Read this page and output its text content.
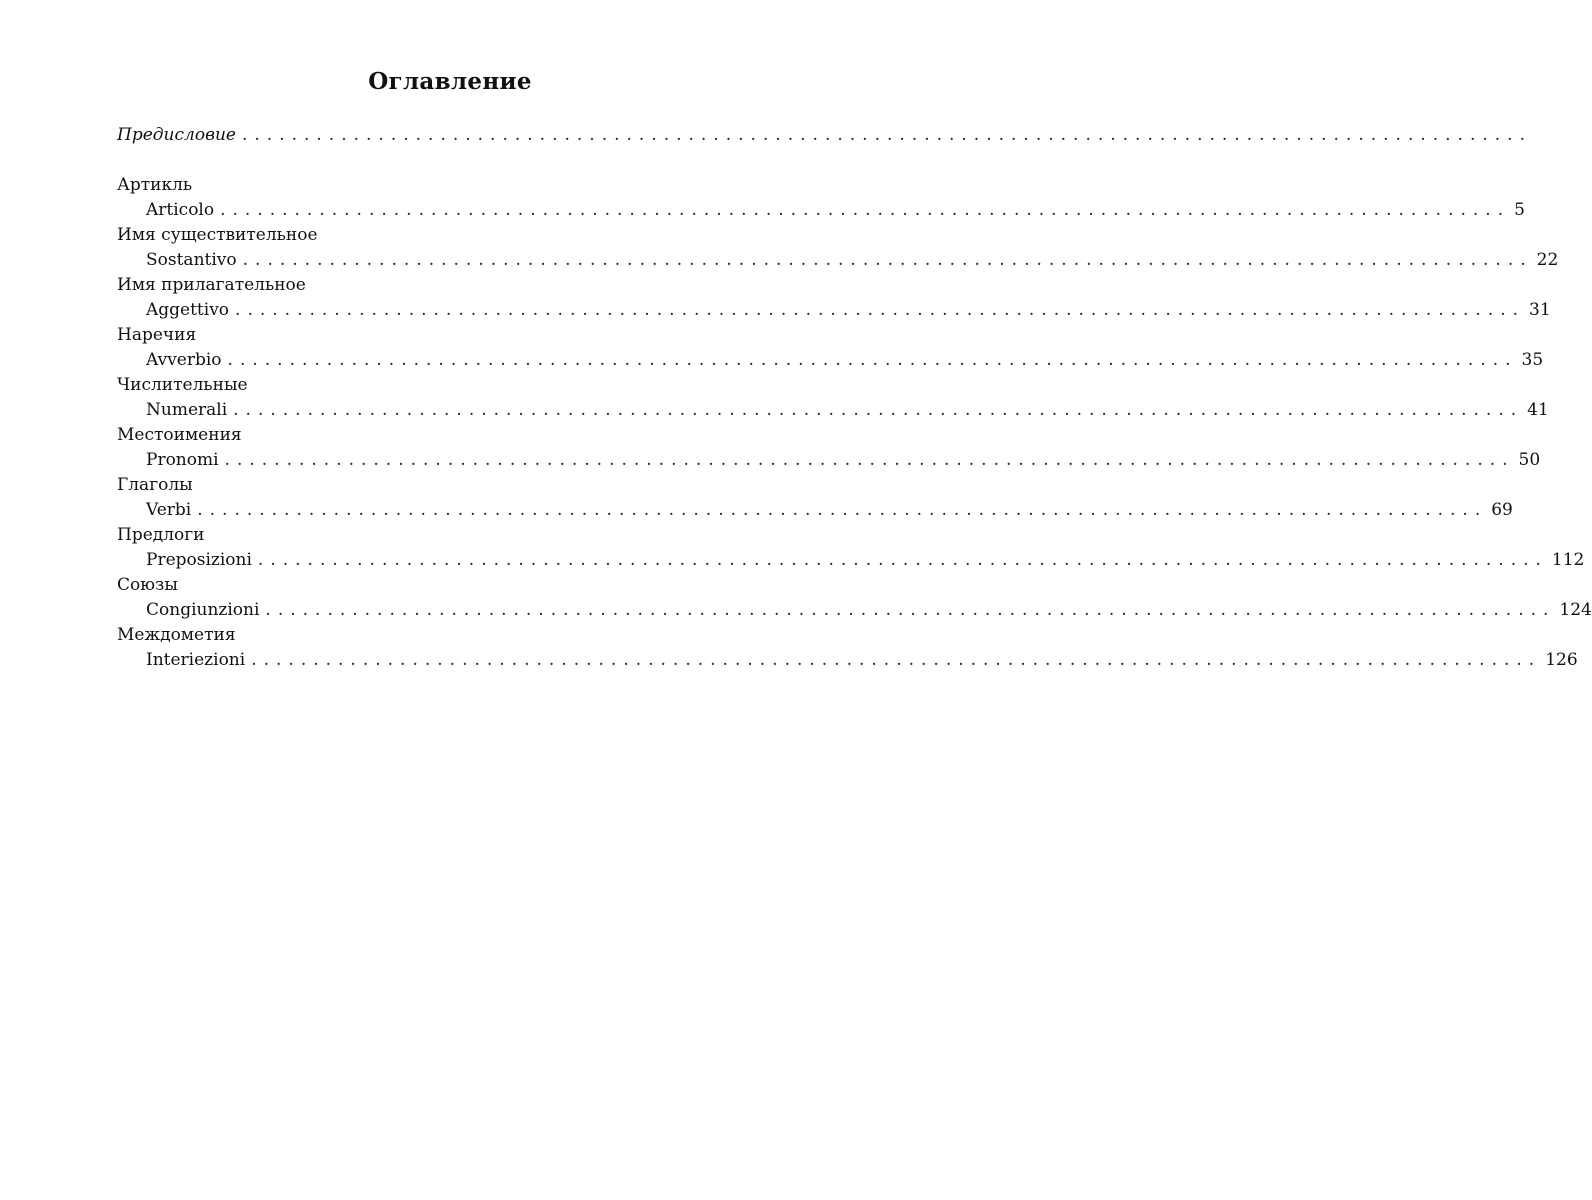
Оглавление
Предисловие ........................................................................................................
Артикль
Articolo ........................................................................................................ 5
Имя существительное
Sostantivo ........................................................................................................ 22
Имя прилагательное
Aggettivo ........................................................................................................ 31
Наречия
Avverbio ........................................................................................................ 35
Числительные
Numerali ........................................................................................................ 41
Местоимения
Pronomi ........................................................................................................ 50
Глаголы
Verbi ........................................................................................................ 69
Предлоги
Preposizioni ........................................................................................................ 112
Союзы
Congiunzioni ........................................................................................................ 124
Междометия
Interiezioni ........................................................................................................ 126
